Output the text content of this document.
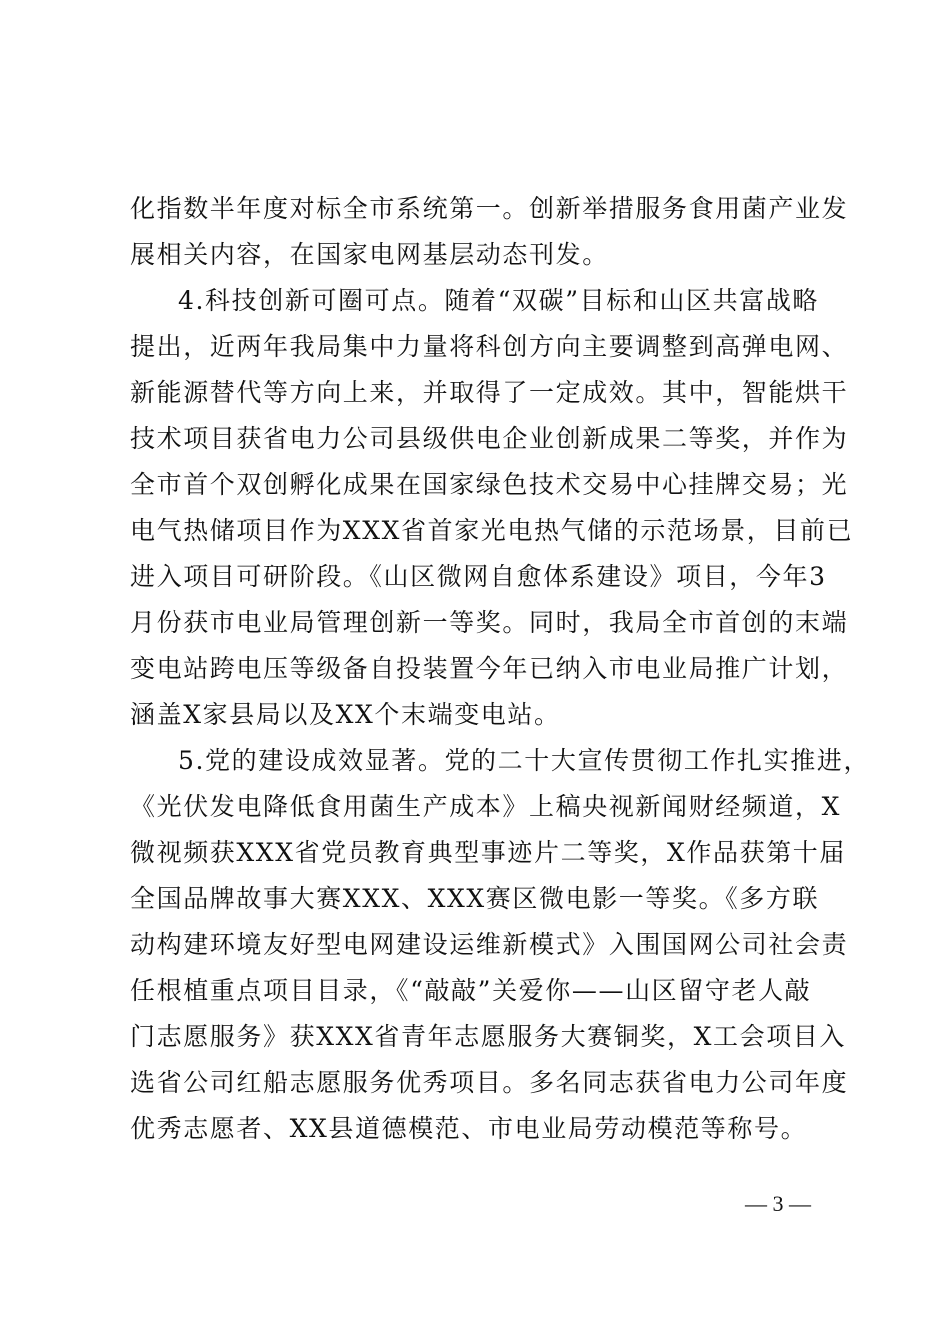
化指数半年度对标全市系统第一。创新举措服务食用菌产业发
展相关内容，在国家电网基层动态刊发。
4.科技创新可圈可点。随着“双碳”目标和山区共富战略
提出，近两年我局集中力量将科创方向主要调整到高弹电网、
新能源替代等方向上来，并取得了一定成效。其中，智能烘干
技术项目获省电力公司县级供电企业创新成果二等奖，并作为
全市首个双创孵化成果在国家绿色技术交易中心挂牌交易；光
电气热储项目作为XXX省首家光电热气储的示范场景，目前已
进入项目可研阶段。《山区微网自愈体系建设》项目，今年3
月份获市电业局管理创新一等奖。同时，我局全市首创的末端
变电站跨电压等级备自投装置今年已纳入市电业局推广计划，
涵盖X家县局以及XX个末端变电站。
5.党的建设成效显著。党的二十大宣传贯彻工作扎实推进，
《光伏发电降低食用菌生产成本》上稿央视新闻财经频道，X
微视频获XXX省党员教育典型事迹片二等奖，X作品获第十届
全国品牌故事大赛XXX、XXX赛区微电影一等奖。《多方联
动构建环境友好型电网建设运维新模式》入围国网公司社会责
任根植重点项目目录，《“敲敲”关爱你——山区留守老人敲
门志愿服务》获XXX省青年志愿服务大赛铜奖，X工会项目入
选省公司红船志愿服务优秀项目。多名同志获省电力公司年度
优秀志愿者、XX县道德模范、市电业局劳动模范等称号。
— 3 —
